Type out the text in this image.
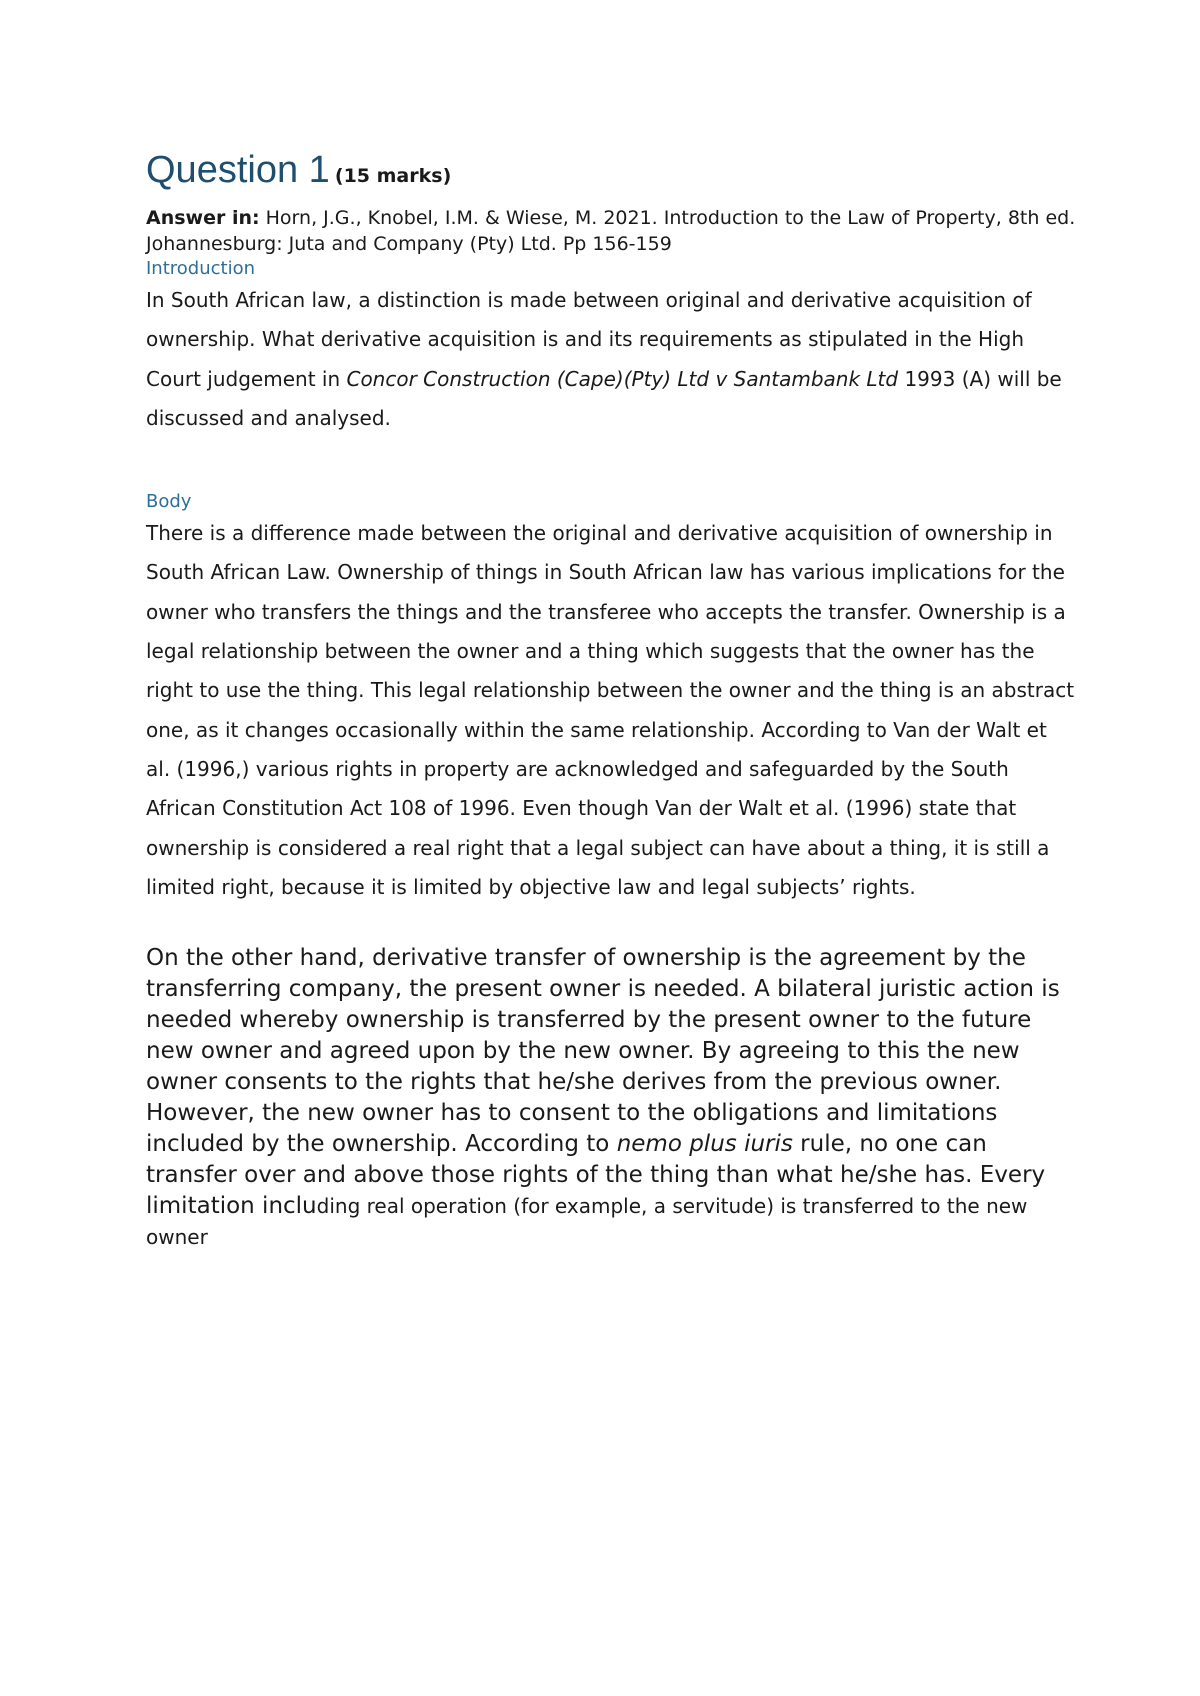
Question 1 (15 marks)

Answer in: Horn, J.G., Knobel, I.M. & Wiese, M. 2021. Introduction to the Law of Property, 8th ed. Johannesburg: Juta and Company (Pty) Ltd. Pp 156-159

Introduction

In South African law, a distinction is made between original and derivative acquisition of

ownership. What derivative acquisition is and its requirements as stipulated in the High Court judgement in Concor Construction (Cape)(Pty) Ltd v Santambank Ltd 1993 (A) will be discussed and analysed.

Body

There is a difference made between the original and derivative acquisition of ownership in South African Law. Ownership of things in South African law has various implications for the owner who transfers the things and the transferee who accepts the transfer. Ownership is a legal relationship between the owner and a thing which suggests that the owner has the right to use the thing. This legal relationship between the owner and the thing is an abstract one, as it changes occasionally within the same relationship. According to Van der Walt et al. (1996,) various rights in property are acknowledged and safeguarded by the South African Constitution Act 108 of 1996. Even though Van der Walt et al. (1996) state that ownership is considered a real right that a legal subject can have about a thing, it is still a limited right, because it is limited by objective law and legal subjects’ rights.

On the other hand, derivative transfer of ownership is the agreement by the transferring company, the present owner is needed. A bilateral juristic action is needed whereby ownership is transferred by the present owner to the future new owner and agreed upon by the new owner. By agreeing to this the new owner consents to the rights that he/she derives from the previous owner. However, the new owner has to consent to the obligations and limitations included by the ownership. According to nemo plus iuris rule, no one can transfer over and above those rights of the thing than what he/she has. Every limitation including real operation (for example, a servitude) is transferred to the new owner
